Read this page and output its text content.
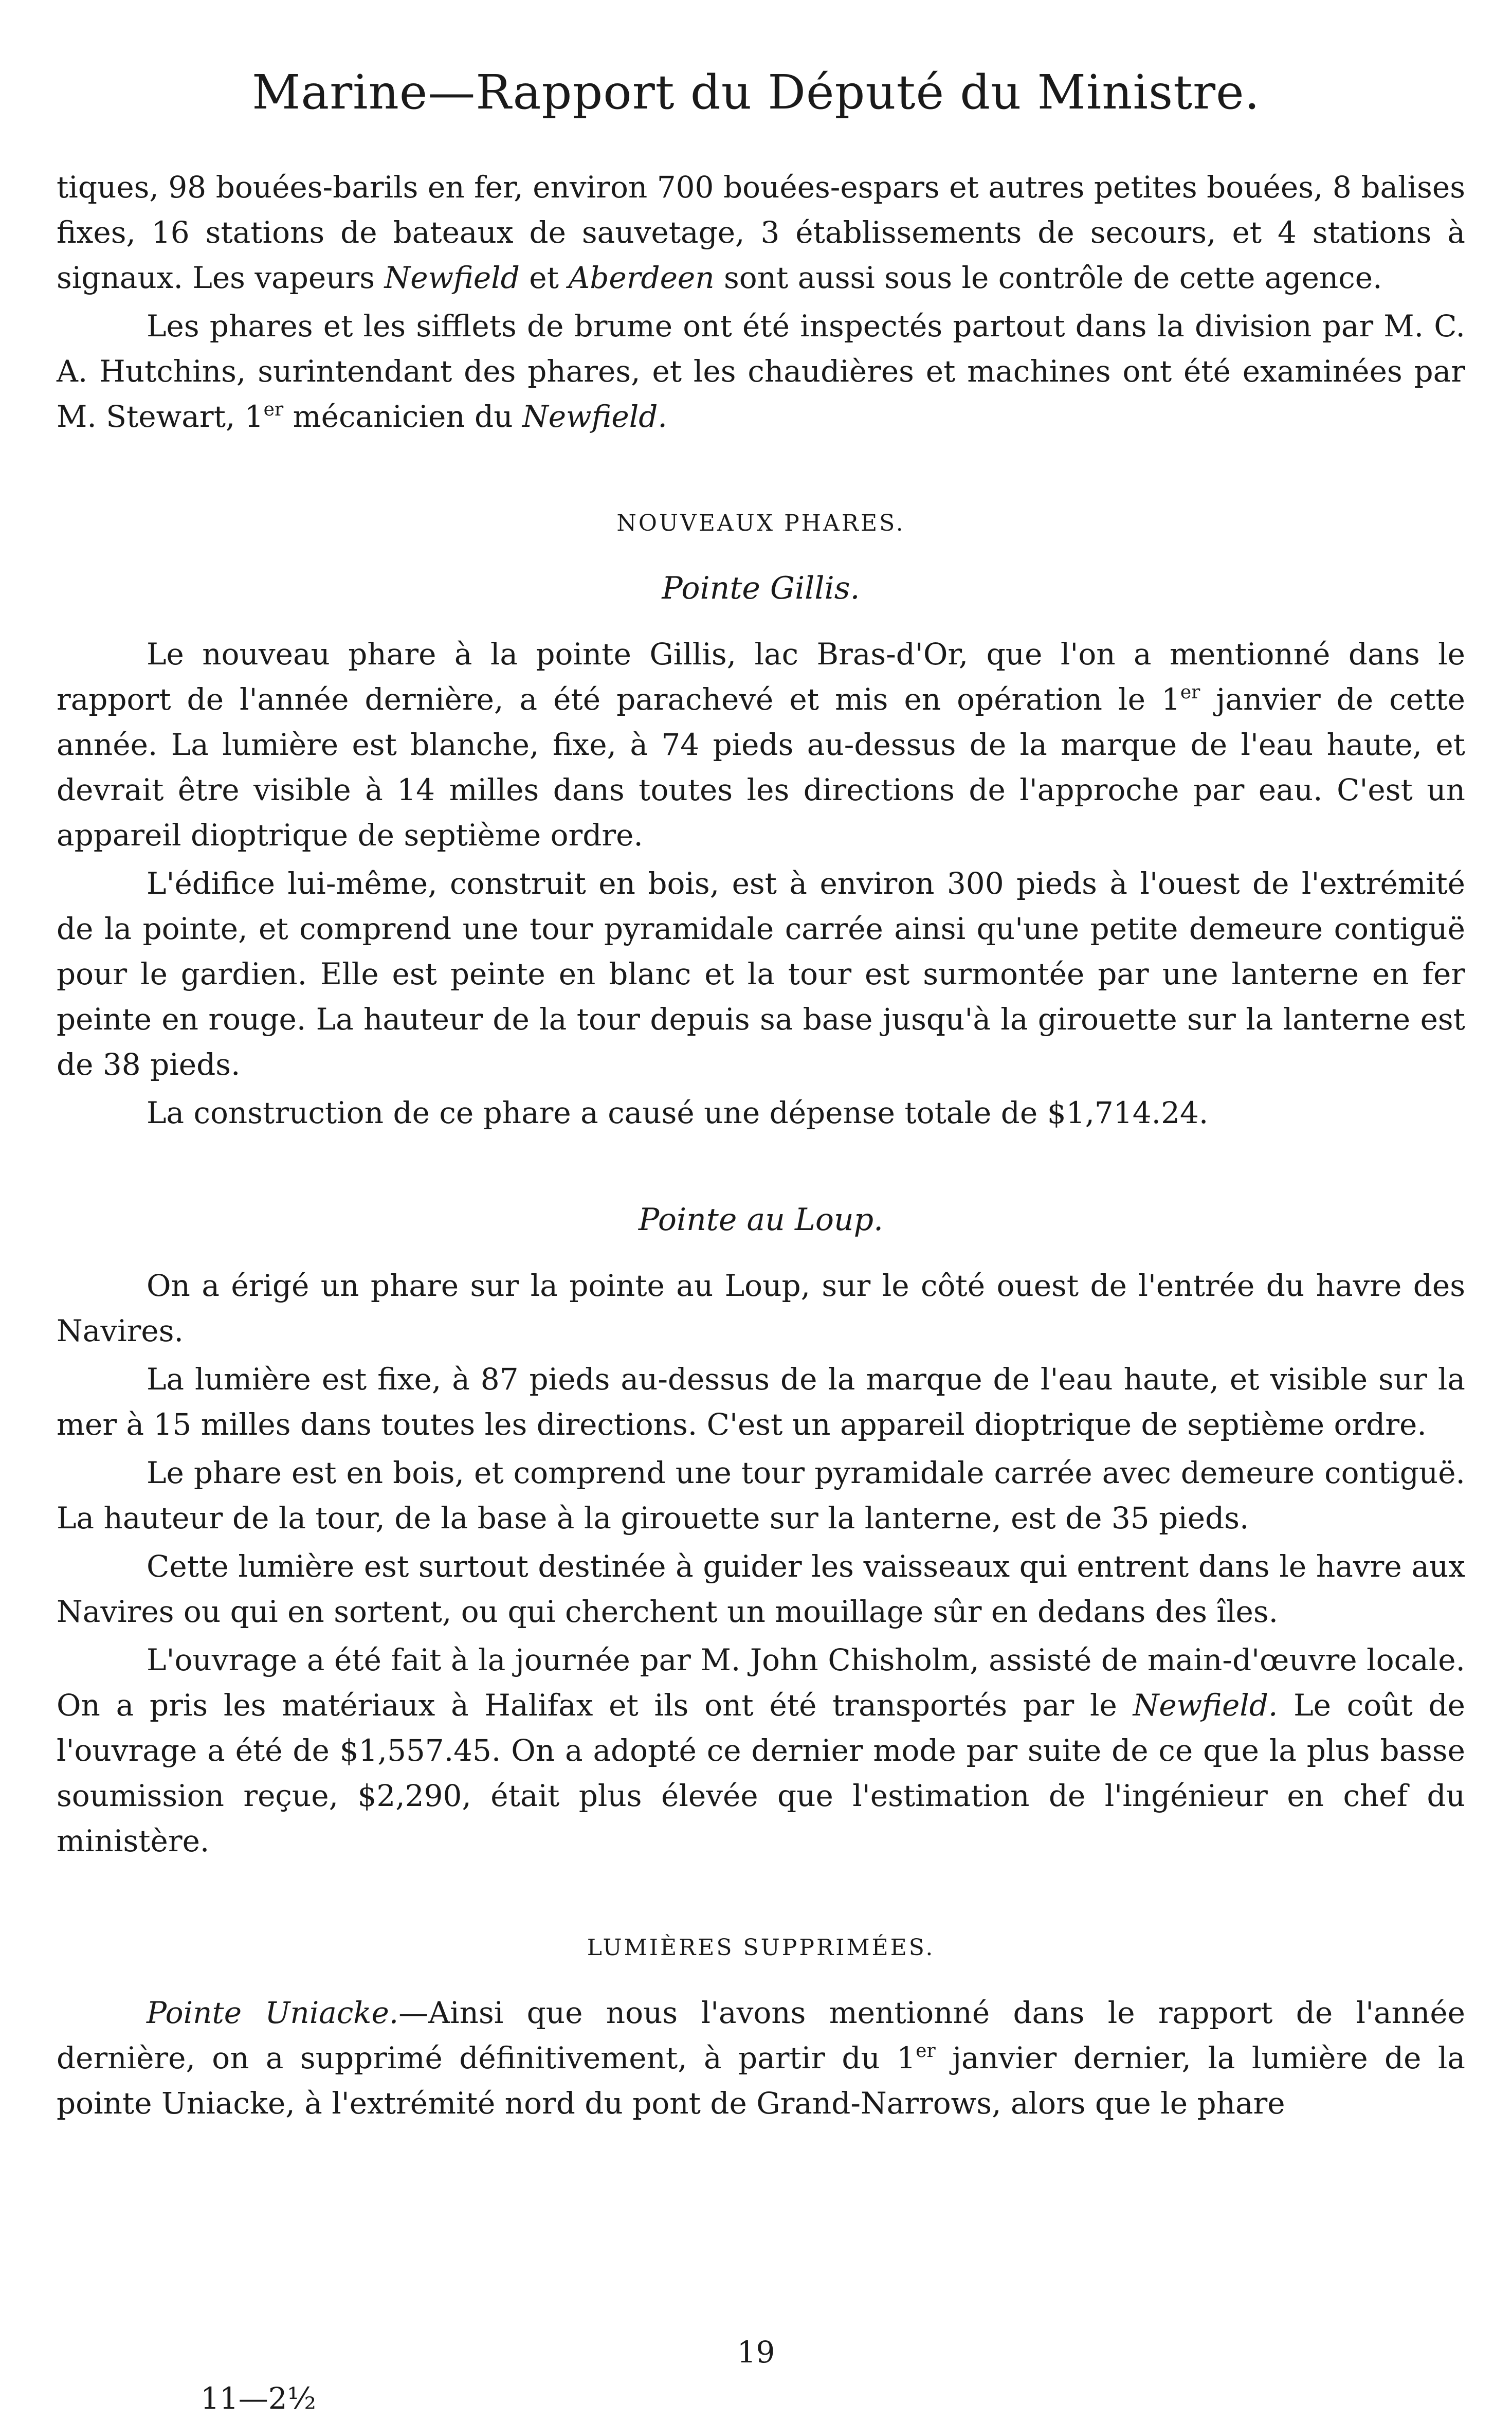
Marine—Rapport du Député du Ministre.

tiques, 98 bouées-barils en fer, environ 700 bouées-espars et autres petites bouées, 8 balises fixes, 16 stations de bateaux de sauvetage, 3 établissements de secours, et 4 stations à signaux. Les vapeurs Newfield et Aberdeen sont aussi sous le contrôle de cette agence.

Les phares et les sifflets de brume ont été inspectés partout dans la division par M. C. A. Hutchins, surintendant des phares, et les chaudières et machines ont été examinées par M. Stewart, 1er mécanicien du Newfield.

NOUVEAUX PHARES.

Pointe Gillis.

Le nouveau phare à la pointe Gillis, lac Bras-d'Or, que l'on a mentionné dans le rapport de l'année dernière, a été parachevé et mis en opération le 1er janvier de cette année. La lumière est blanche, fixe, à 74 pieds au-dessus de la marque de l'eau haute, et devrait être visible à 14 milles dans toutes les directions de l'approche par eau. C'est un appareil dioptrique de septième ordre.

L'édifice lui-même, construit en bois, est à environ 300 pieds à l'ouest de l'extrémité de la pointe, et comprend une tour pyramidale carrée ainsi qu'une petite demeure contiguë pour le gardien. Elle est peinte en blanc et la tour est surmontée par une lanterne en fer peinte en rouge. La hauteur de la tour depuis sa base jusqu'à la girouette sur la lanterne est de 38 pieds.

La construction de ce phare a causé une dépense totale de $1,714.24.

Pointe au Loup.

On a érigé un phare sur la pointe au Loup, sur le côté ouest de l'entrée du havre des Navires.

La lumière est fixe, à 87 pieds au-dessus de la marque de l'eau haute, et visible sur la mer à 15 milles dans toutes les directions. C'est un appareil dioptrique de septième ordre.

Le phare est en bois, et comprend une tour pyramidale carrée avec demeure contiguë. La hauteur de la tour, de la base à la girouette sur la lanterne, est de 35 pieds.

Cette lumière est surtout destinée à guider les vaisseaux qui entrent dans le havre aux Navires ou qui en sortent, ou qui cherchent un mouillage sûr en dedans des îles.

L'ouvrage a été fait à la journée par M. John Chisholm, assisté de main-d'œuvre locale. On a pris les matériaux à Halifax et ils ont été transportés par le Newfield. Le coût de l'ouvrage a été de $1,557.45. On a adopté ce dernier mode par suite de ce que la plus basse soumission reçue, $2,290, était plus élevée que l'estimation de l'ingénieur en chef du ministère.

LUMIÈRES SUPPRIMÉES.

Pointe Uniacke.—Ainsi que nous l'avons mentionné dans le rapport de l'année dernière, on a supprimé définitivement, à partir du 1er janvier dernier, la lumière de la pointe Uniacke, à l'extrémité nord du pont de Grand-Narrows, alors que le phare

19
11—2½
